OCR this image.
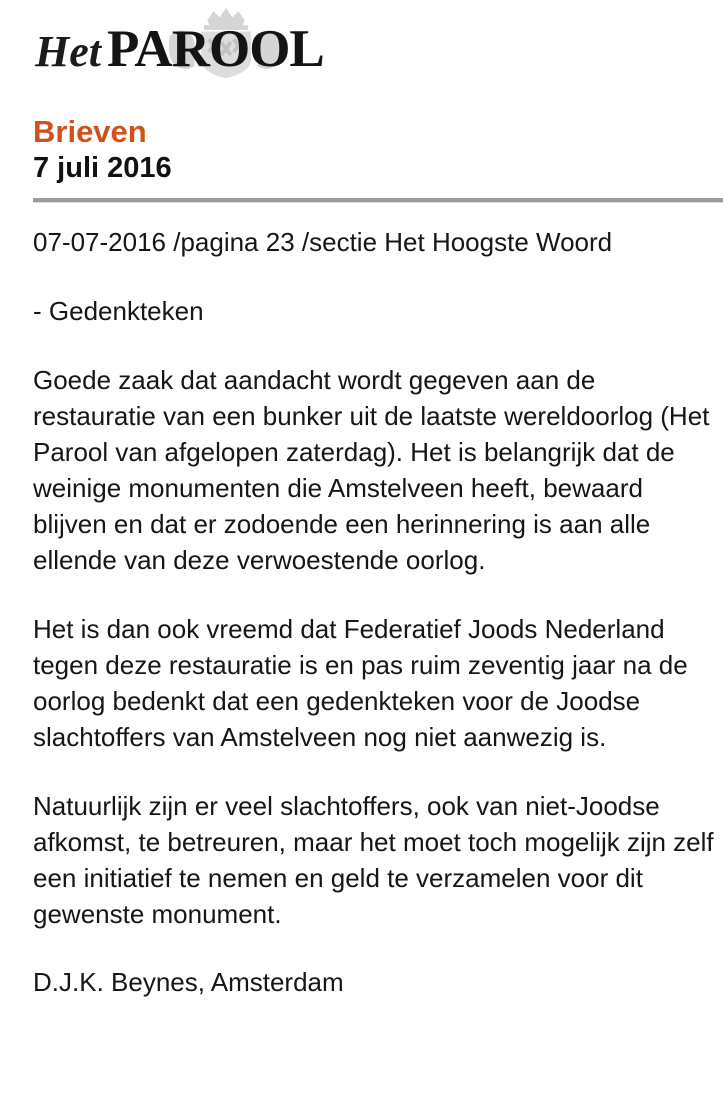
Het PAROOL
Brieven
7 juli 2016

07-07-2016 /pagina 23 /sectie Het Hoogste Woord

- Gedenkteken

Goede zaak dat aandacht wordt gegeven aan de restauratie van een bunker uit de laatste wereldoorlog (Het Parool van afgelopen zaterdag). Het is belangrijk dat de weinige monumenten die Amstelveen heeft, bewaard blijven en dat er zodoende een herinnering is aan alle ellende van deze verwoestende oorlog.

Het is dan ook vreemd dat Federatief Joods Nederland tegen deze restauratie is en pas ruim zeventig jaar na de oorlog bedenkt dat een gedenkteken voor de Joodse slachtoffers van Amstelveen nog niet aanwezig is.

Natuurlijk zijn er veel slachtoffers, ook van niet-Joodse afkomst, te betreuren, maar het moet toch mogelijk zijn zelf een initiatief te nemen en geld te verzamelen voor dit gewenste monument.

D.J.K. Beynes, Amsterdam
